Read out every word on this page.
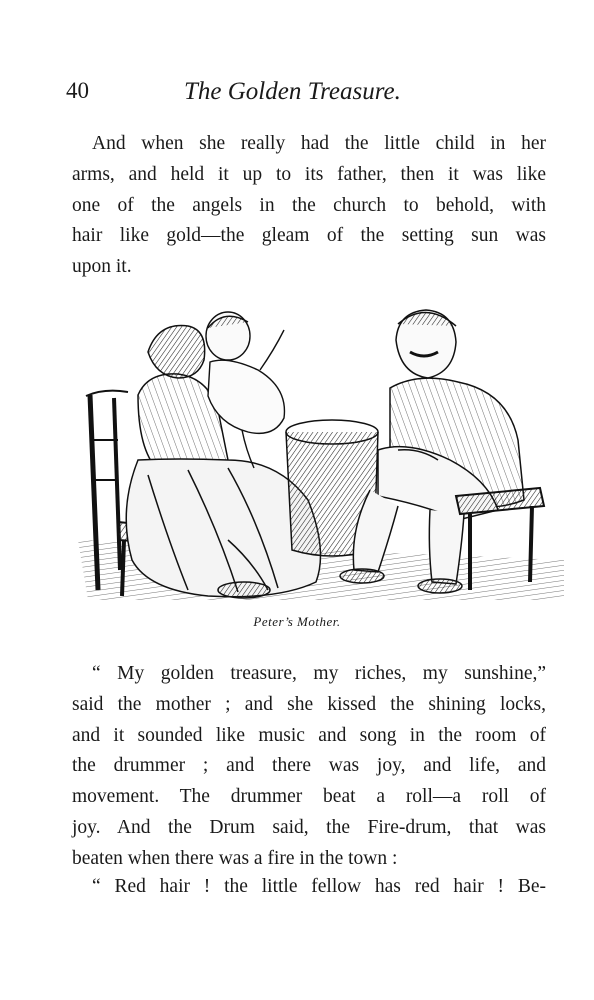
40	The Golden Treasure.

And when she really had the little child in her
arms, and held it up to its father, then it was like
one of the angels in the church to behold, with
hair like gold—the gleam of the setting sun was
upon it.

Peter’s Mother.

“ My golden treasure, my riches, my sunshine,”
said the mother ; and she kissed the shining locks,
and it sounded like music and song in the room of
the drummer ; and there was joy, and life, and
movement. The drummer beat a roll—a roll of
joy. And the Drum said, the Fire-drum, that was
beaten when there was a fire in the town :

“ Red hair ! the little fellow has red hair ! Be-
